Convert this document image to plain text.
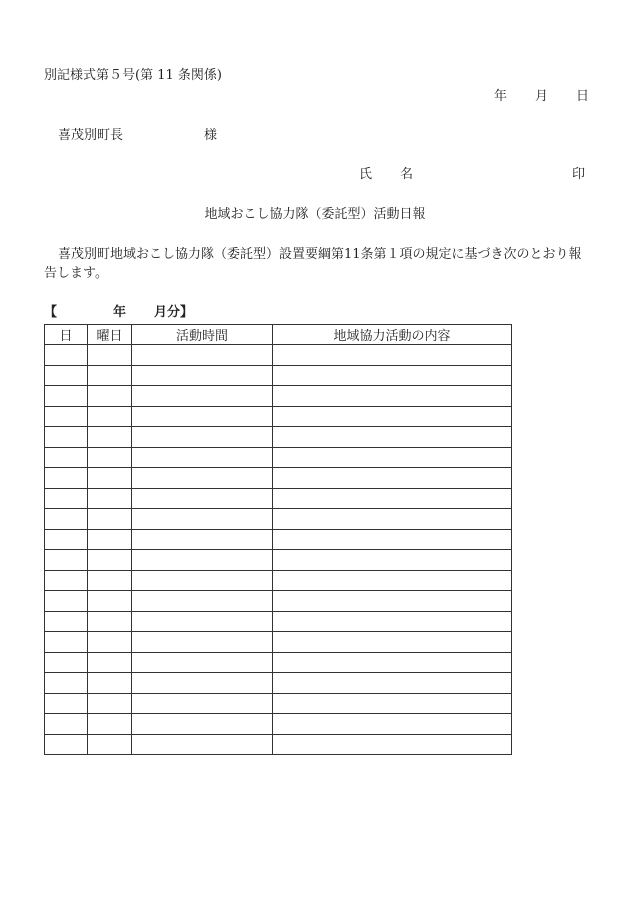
別記様式第５号(第 11 条関係)
年 月 日
喜茂別町長	様
氏 名	印
地域おこし協力隊（委託型）活動日報
喜茂別町地域おこし協力隊（委託型）設置要綱第11条第１項の規定に基づき次のとおり報告します。
【	年 月分】
日	曜日	活動時間	地域協力活動の内容
